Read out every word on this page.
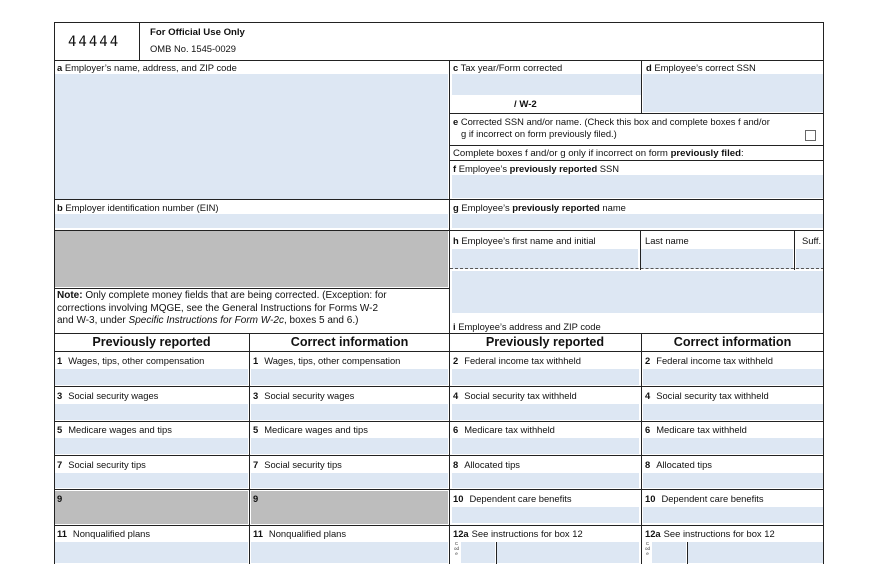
44444
For Official Use Only
OMB No. 1545-0029
a Employer’s name, address, and ZIP code
b Employer identification number (EIN)
Note: Only complete money fields that are being corrected. (Exception: for
corrections involving MQGE, see the General Instructions for Forms W-2
and W-3, under Specific Instructions for Form W-2c, boxes 5 and 6.)
c Tax year/Form corrected
/ W-2
d Employee’s correct SSN
e Corrected SSN and/or name. (Check this box and complete boxes f and/or
g if incorrect on form previously filed.)
Complete boxes f and/or g only if incorrect on form previously filed:
f Employee’s previously reported SSN
g Employee’s previously reported name
h Employee’s first name and initial	Last name	Suff.
i Employee’s address and ZIP code
Previously reported	Correct information	Previously reported	Correct information
1 Wages, tips, other compensation	1 Wages, tips, other compensation	2 Federal income tax withheld	2 Federal income tax withheld
3 Social security wages	3 Social security wages	4 Social security tax withheld	4 Social security tax withheld
5 Medicare wages and tips	5 Medicare wages and tips	6 Medicare tax withheld	6 Medicare tax withheld
7 Social security tips	7 Social security tips	8 Allocated tips	8 Allocated tips
9	9	10 Dependent care benefits	10 Dependent care benefits
11 Nonqualified plans	11 Nonqualified plans	12a See instructions for box 12	12a See instructions for box 12
Code
Code
